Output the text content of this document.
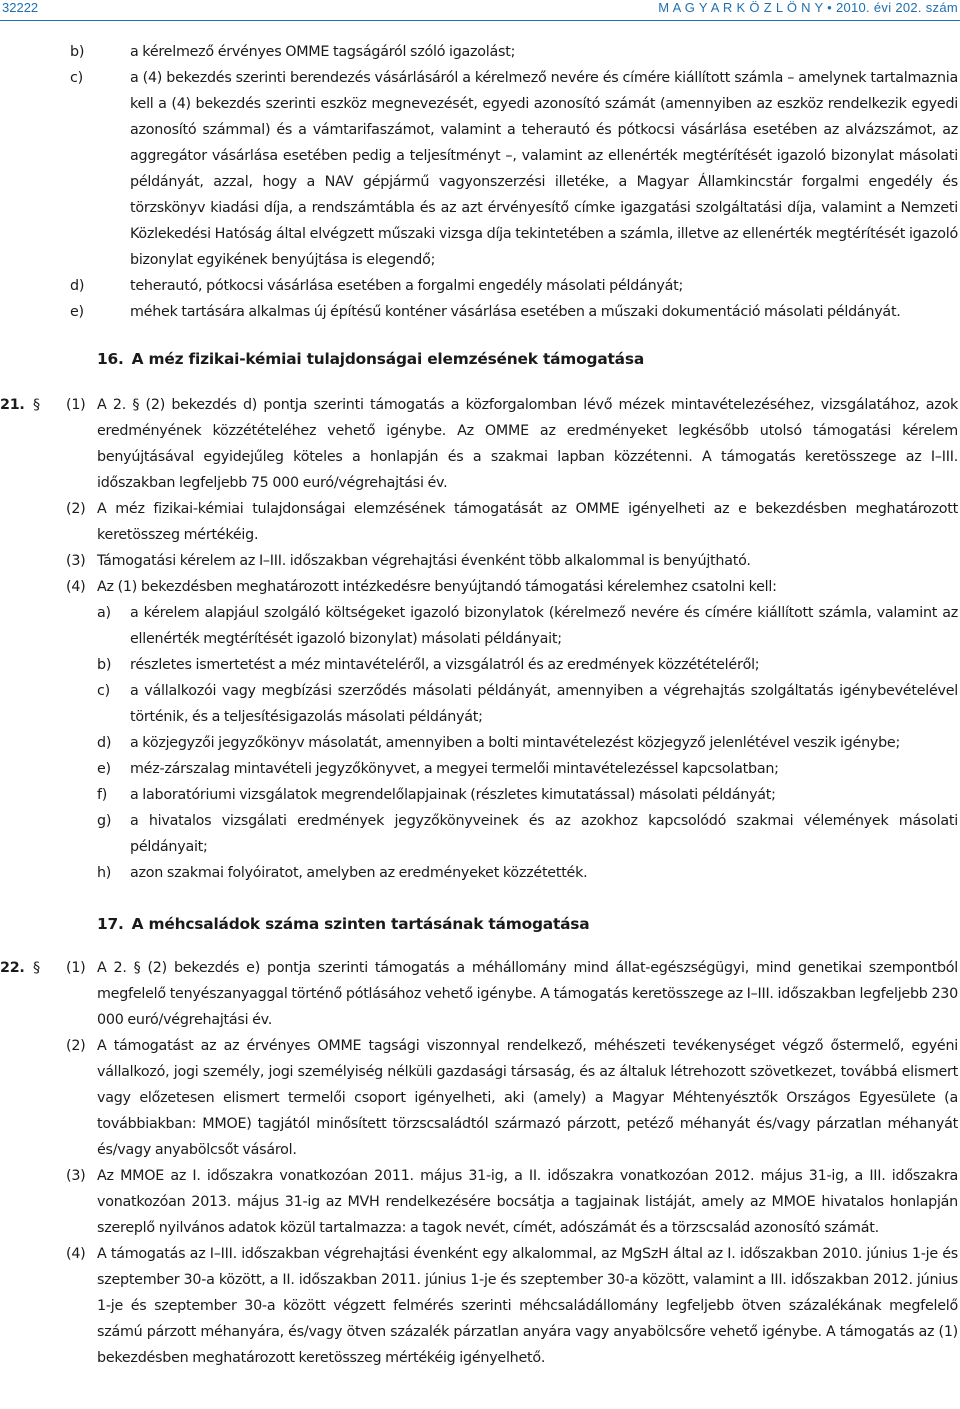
32222	M A G Y A R K Ö Z L Ö N Y • 2010. évi 202. szám
b)	a kérelmező érvényes OMME tagságáról szóló igazolást;
c)	a (4) bekezdés szerinti berendezés vásárlásáról a kérelmező nevére és címére kiállított számla – amelynek tartalmaznia kell a (4) bekezdés szerinti eszköz megnevezését, egyedi azonosító számát (amennyiben az eszköz rendelkezik egyedi azonosító számmal) és a vámtarifaszámot, valamint a teherautó és pótkocsi vásárlása esetében az alvázszámot, az aggregátor vásárlása esetében pedig a teljesítményt –, valamint az ellenérték megtérítését igazoló bizonylat másolati példányát, azzal, hogy a NAV gépjármű vagyonszerzési illetéke, a Magyar Államkincstár forgalmi engedély és törzskönyv kiadási díja, a rendszámtábla és az azt érvényesítő címke igazgatási szolgáltatási díja, valamint a Nemzeti Közlekedési Hatóság által elvégzett műszaki vizsga díja tekintetében a számla, illetve az ellenérték megtérítését igazoló bizonylat egyikének benyújtása is elegendő;
d)	teherautó, pótkocsi vásárlása esetében a forgalmi engedély másolati példányát;
e)	méhek tartására alkalmas új építésű konténer vásárlása esetében a műszaki dokumentáció másolati példányát.
16. A méz fizikai-kémiai tulajdonságai elemzésének támogatása
21. § (1) A 2. § (2) bekezdés d) pontja szerinti támogatás a közforgalomban lévő mézek mintavételezéséhez, vizsgálatához, azok eredményének közzétételéhez vehető igénybe. Az OMME az eredményeket legkésőbb utolsó támogatási kérelem benyújtásával egyidejűleg köteles a honlapján és a szakmai lapban közzétenni. A támogatás keretösszege az I–III. időszakban legfeljebb 75 000 euró/végrehajtási év.
(2) A méz fizikai-kémiai tulajdonságai elemzésének támogatását az OMME igényelheti az e bekezdésben meghatározott keretösszeg mértékéig.
(3) Támogatási kérelem az I–III. időszakban végrehajtási évenként több alkalommal is benyújtható.
(4) Az (1) bekezdésben meghatározott intézkedésre benyújtandó támogatási kérelemhez csatolni kell:
a) a kérelem alapjául szolgáló költségeket igazoló bizonylatok (kérelmező nevére és címére kiállított számla, valamint az ellenérték megtérítését igazoló bizonylat) másolati példányait;
b) részletes ismertetést a méz mintavételéről, a vizsgálatról és az eredmények közzétételéről;
c) a vállalkozói vagy megbízási szerződés másolati példányát, amennyiben a végrehajtás szolgáltatás igénybevételével történik, és a teljesítésigazolás másolati példányát;
d) a közjegyzői jegyzőkönyv másolatát, amennyiben a bolti mintavételezést közjegyző jelenlétével veszik igénybe;
e) méz-zárszalag mintavételi jegyzőkönyvet, a megyei termelői mintavételezéssel kapcsolatban;
f) a laboratóriumi vizsgálatok megrendelőlapjainak (részletes kimutatással) másolati példányát;
g) a hivatalos vizsgálati eredmények jegyzőkönyveinek és az azokhoz kapcsolódó szakmai vélemények másolati példányait;
h) azon szakmai folyóiratot, amelyben az eredményeket közzétették.
17. A méhcsaládok száma szinten tartásának támogatása
22. § (1) A 2. § (2) bekezdés e) pontja szerinti támogatás a méhállomány mind állat-egészségügyi, mind genetikai szempontból megfelelő tenyészanyaggal történő pótlásához vehető igénybe. A támogatás keretösszege az I–III. időszakban legfeljebb 230 000 euró/végrehajtási év.
(2) A támogatást az az érvényes OMME tagsági viszonnyal rendelkező, méhészeti tevékenységet végző őstermelő, egyéni vállalkozó, jogi személy, jogi személyiség nélküli gazdasági társaság, és az általuk létrehozott szövetkezet, továbbá elismert vagy előzetesen elismert termelői csoport igényelheti, aki (amely) a Magyar Méhtenyésztők Országos Egyesülete (a továbbiakban: MMOE) tagjától minősített törzscsaládtól származó párzott, petéző méhanyát és/vagy párzatlan méhanyát és/vagy anyabölcsőt vásárol.
(3) Az MMOE az I. időszakra vonatkozóan 2011. május 31-ig, a II. időszakra vonatkozóan 2012. május 31-ig, a III. időszakra vonatkozóan 2013. május 31-ig az MVH rendelkezésére bocsátja a tagjainak listáját, amely az MMOE hivatalos honlapján szereplő nyilvános adatok közül tartalmazza: a tagok nevét, címét, adószámát és a törzscsalád azonosító számát.
(4) A támogatás az I–III. időszakban végrehajtási évenként egy alkalommal, az MgSzH által az I. időszakban 2010. június 1-je és szeptember 30-a között, a II. időszakban 2011. június 1-je és szeptember 30-a között, valamint a III. időszakban 2012. június 1-je és szeptember 30-a között végzett felmérés szerinti méhcsaládállomány legfeljebb ötven százalékának megfelelő számú párzott méhanyára, és/vagy ötven százalék párzatlan anyára vagy anyabölcsőre vehető igénybe. A támogatás az (1) bekezdésben meghatározott keretösszeg mértékéig igényelhető.
